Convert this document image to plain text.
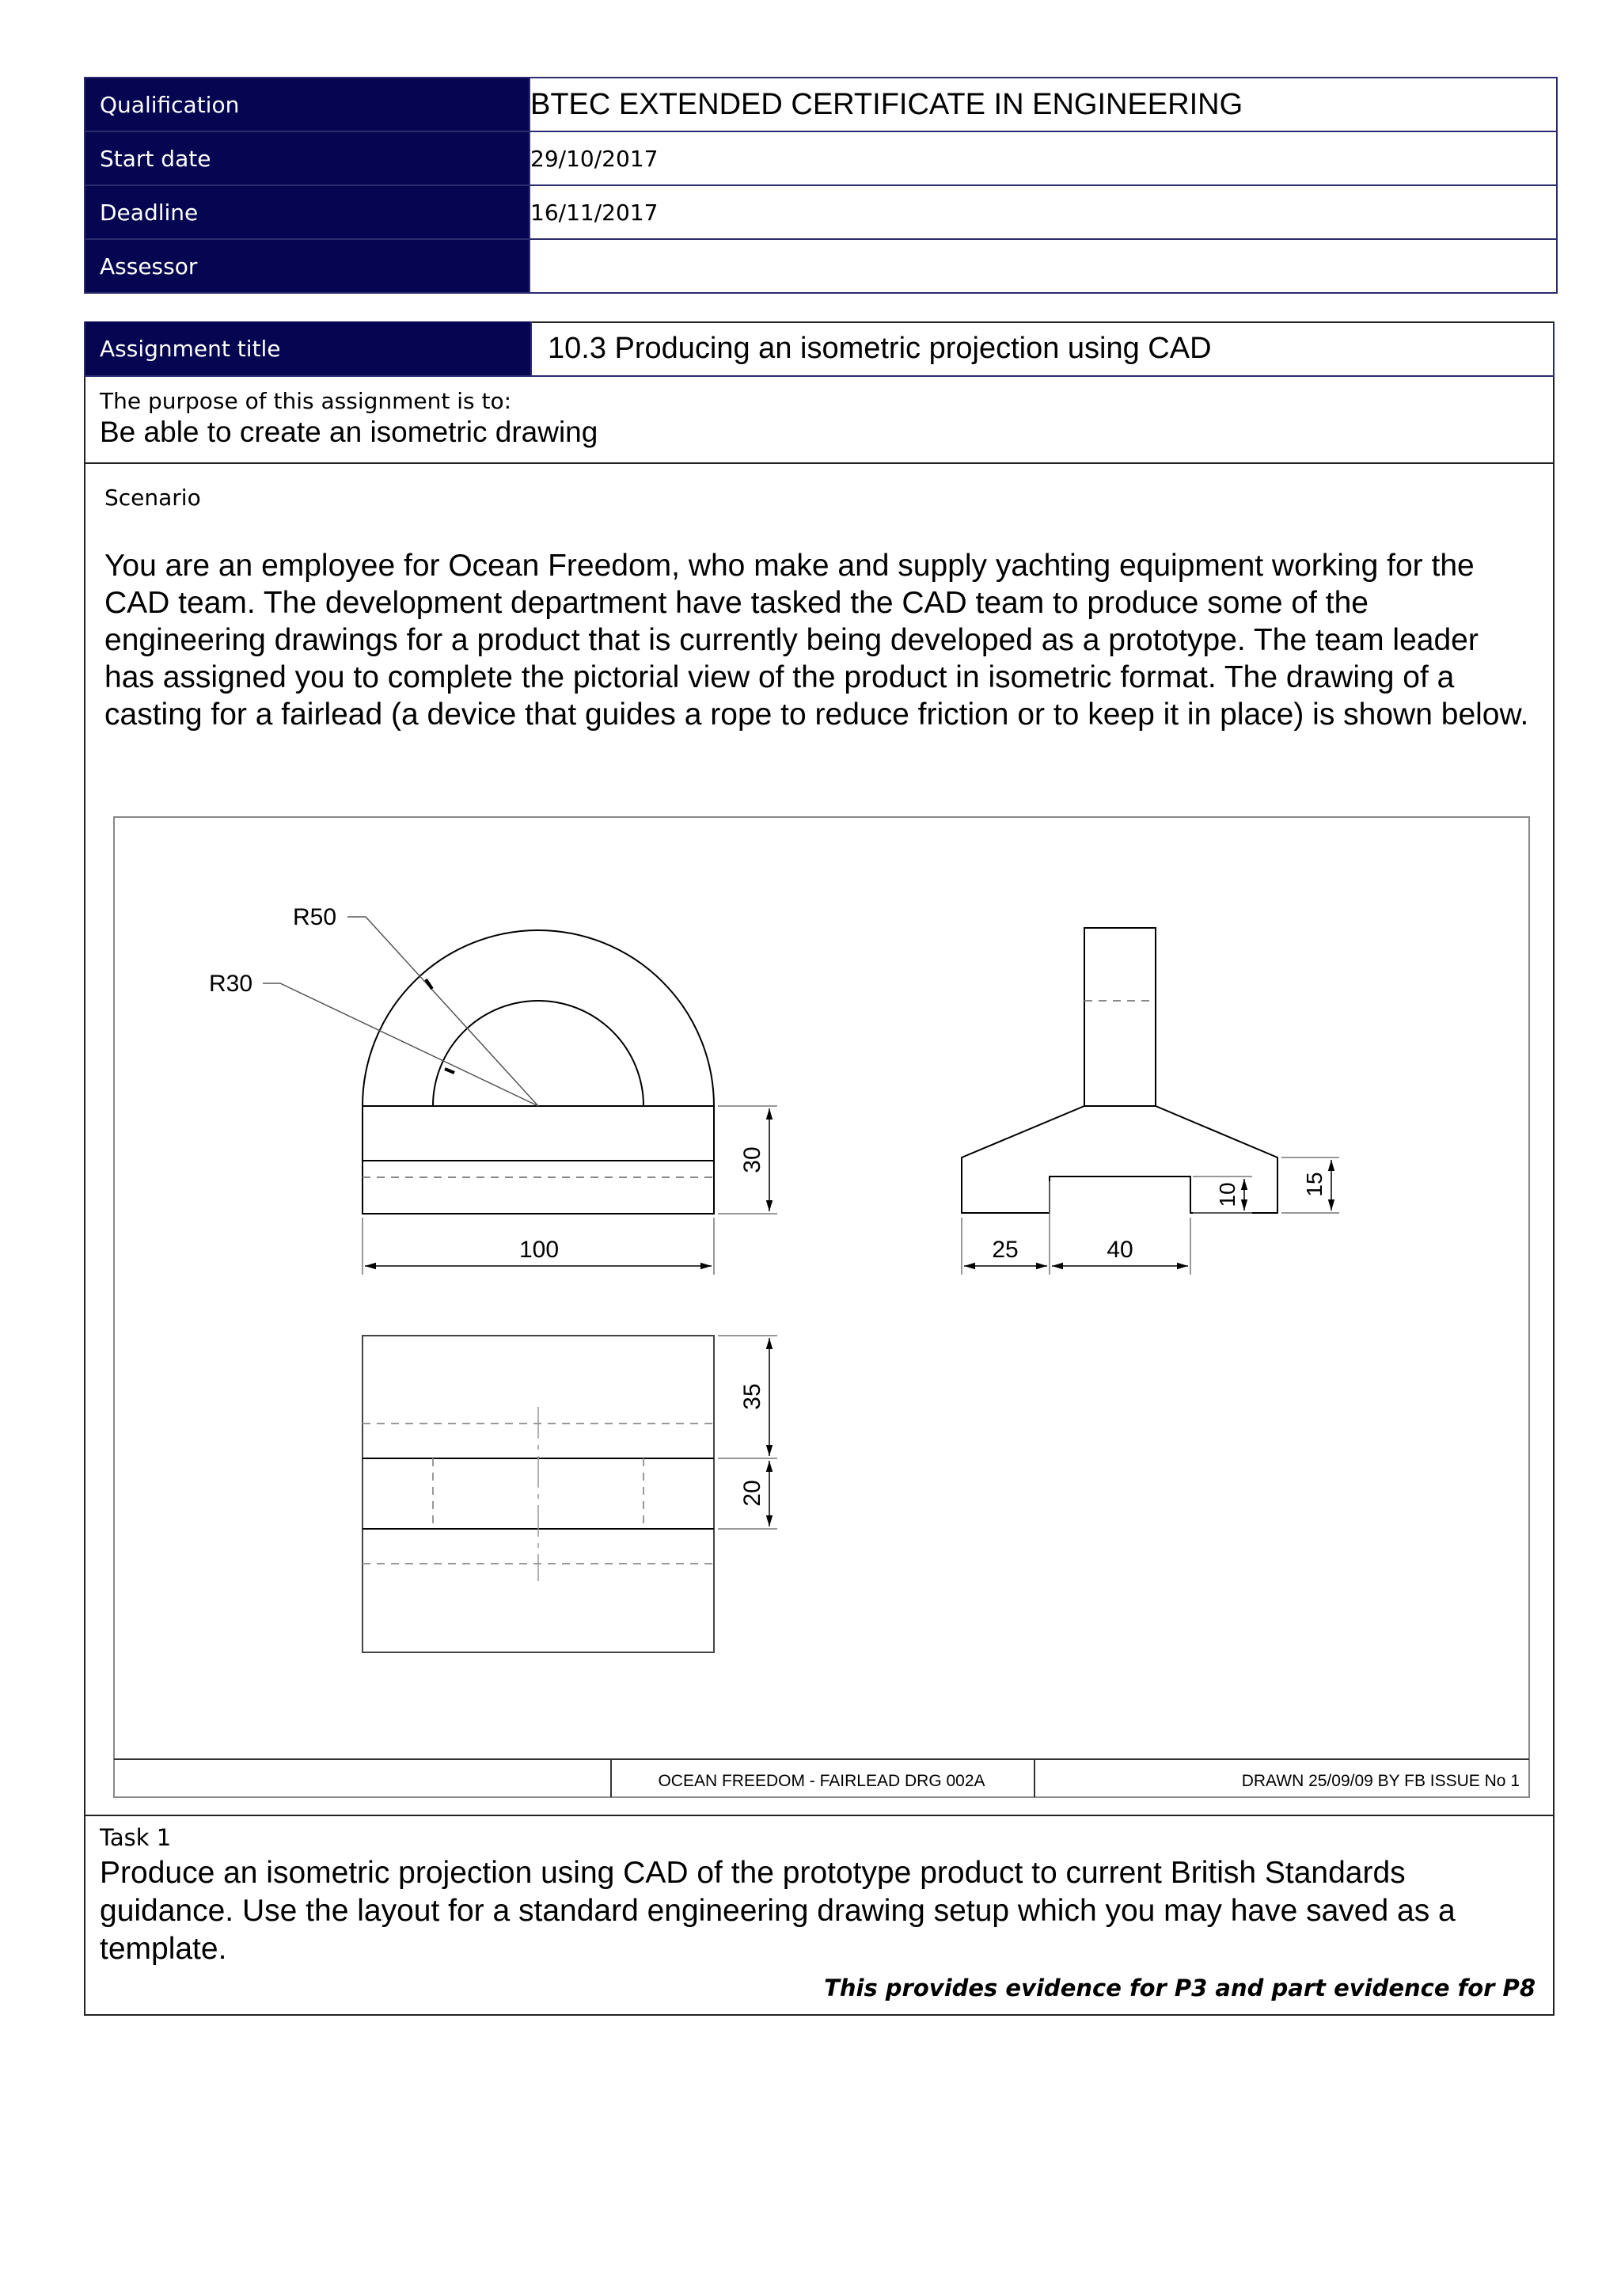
Qualification	BTEC EXTENDED CERTIFICATE IN ENGINEERING
Start date	29/10/2017
Deadline	16/11/2017
Assessor
Assignment title	10.3 Producing an isometric projection using CAD
The purpose of this assignment is to:
Be able to create an isometric drawing
Scenario
You are an employee for Ocean Freedom, who make and supply yachting equipment working for the CAD team. The development department have tasked the CAD team to produce some of the engineering drawings for a product that is currently being developed as a prototype. The team leader has assigned you to complete the pictorial view of the product in isometric format. The drawing of a casting for a fairlead (a device that guides a rope to reduce friction or to keep it in place) is shown below.
OCEAN FREEDOM - FAIRLEAD DRG 002A	DRAWN 25/09/09 BY FB ISSUE No 1
R50
R30
30
100
10	15
25	40
35
20
Task 1
Produce an isometric projection using CAD of the prototype product to current British Standards guidance. Use the layout for a standard engineering drawing setup which you may have saved as a template.
This provides evidence for P3 and part evidence for P8
